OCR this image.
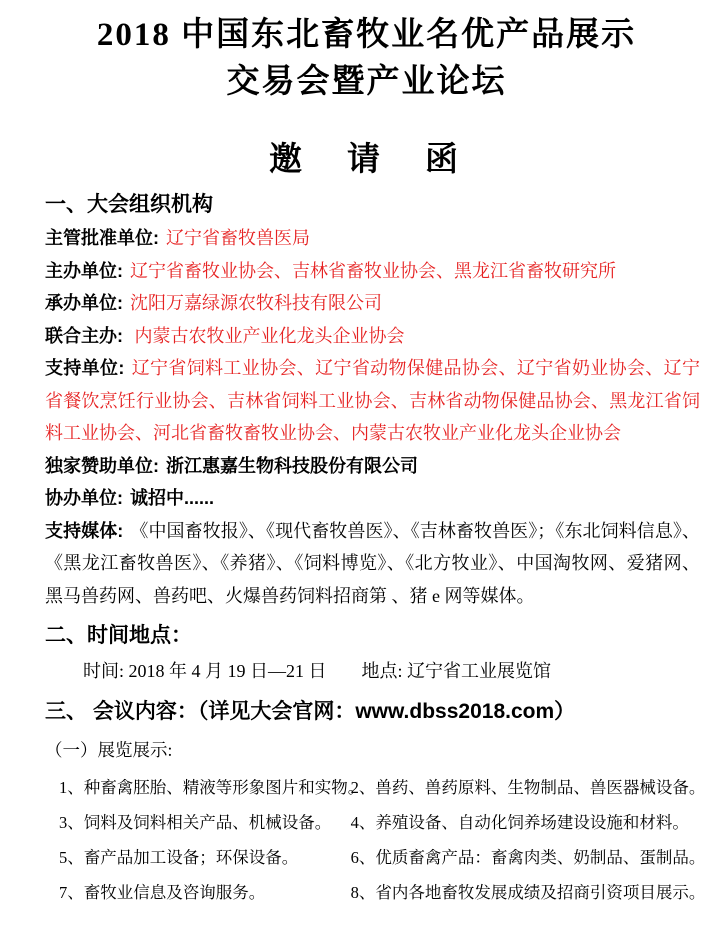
2018 中国东北畜牧业名优产品展示
交易会暨产业论坛
邀　请　函
一、大会组织机构

主管批准单位: 辽宁省畜牧兽医局

主办单位: 辽宁省畜牧业协会、吉林省畜牧业协会、黑龙江省畜牧研究所

承办单位: 沈阳万嘉绿源农牧科技有限公司

联合主办: 内蒙古农牧业产业化龙头企业协会

支持单位: 辽宁省饲料工业协会、辽宁省动物保健品协会、辽宁省奶业协会、辽宁省餐饮烹饪行业协会、吉林省饲料工业协会、吉林省动物保健品协会、黑龙江省饲料工业协会、河北省畜牧畜牧业协会、内蒙古农牧业产业化龙头企业协会

独家赞助单位: 浙江惠嘉生物科技股份有限公司

协办单位: 诚招中......

支持媒体: 《中国畜牧报》、《现代畜牧兽医》、《吉林畜牧兽医》；《东北饲料信息》、《黑龙江畜牧兽医》、《养猪》、《饲料博览》、《北方牧业》、中国淘牧网、爱猪网、黑马兽药网、兽药吧、火爆兽药饲料招商第 、猪 e 网等媒体。

二、时间地点：

时间: 2018 年 4 月 19 日—21 日 地点: 辽宁省工业展览馆

三、 会议内容：（详见大会官网：www.dbss2018.com）

（一）展览展示:

1、种畜禽胚胎、精液等形象图片和实物。
2、兽药、兽药原料、生物制品、兽医器械设备。
3、饲料及饲料相关产品、机械设备。	4、养殖设备、自动化饲养场建设设施和材料。
5、畜产品加工设备；环保设备。	6、优质畜禽产品：畜禽肉类、奶制品、蛋制品。
7、畜牧业信息及咨询服务。	8、省内各地畜牧发展成绩及招商引资项目展示。
